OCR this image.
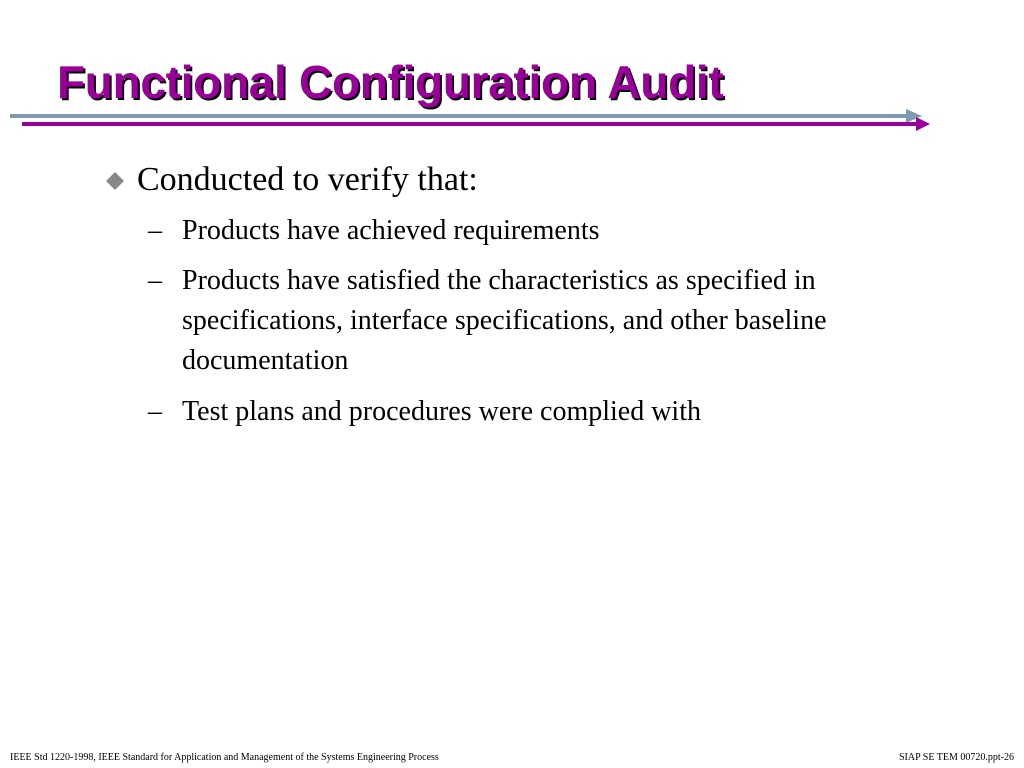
Functional Configuration Audit
Conducted to verify that:
– Products have achieved requirements
– Products have satisfied the characteristics as specified in specifications, interface specifications, and other baseline documentation
– Test plans and procedures were complied with
IEEE Std 1220-1998, IEEE Standard for Application and Management of the Systems Engineering Process	SIAP SE TEM 00720.ppt-26
